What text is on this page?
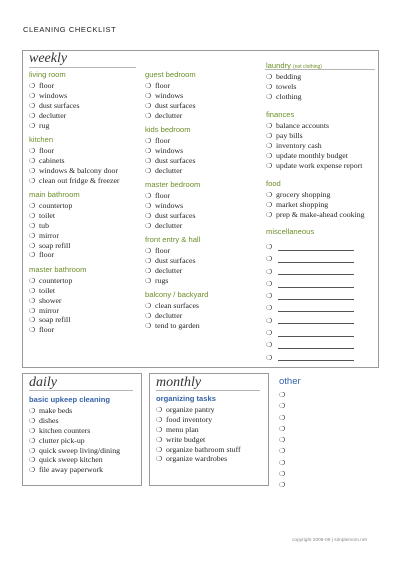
CLEANING CHECKLIST
weekly
living room
❍ floor
❍ windows
❍ dust surfaces
❍ declutter
❍ rug
kitchen
❍ floor
❍ cabinets
❍ windows & balcony door
❍ clean out fridge & freezer
main bathroom
❍ countertop
❍ toilet
❍ tub
❍ mirror
❍ soap refill
❍ floor
master bathroom
❍ countertop
❍ toilet
❍ shower
❍ mirror
❍ soap refill
❍ floor
guest bedroom
❍ floor
❍ windows
❍ dust surfaces
❍ declutter
kids bedroom
❍ floor
❍ windows
❍ dust surfaces
❍ declutter
master bedroom
❍ floor
❍ windows
❍ dust surfaces
❍ declutter
front entry & hall
❍ floor
❍ dust surfaces
❍ declutter
❍ rugs
balcony / backyard
❍ clean surfaces
❍ declutter
❍ tend to garden
laundry (not clothing)
❍ bedding
❍ towels
❍ clothing
finances
❍ balance accounts
❍ pay bills
❍ inventory cash
❍ update monthly budget
❍ update work expense report
food
❍ grocery shopping
❍ market shopping
❍ prep & make-ahead cooking
miscellaneous
❍
❍
❍
❍
❍
❍
❍
❍
❍
❍
daily
basic upkeep cleaning
❍ make beds
❍ dishes
❍ kitchen counters
❍ clutter pick-up
❍ quick sweep living/dining
❍ quick sweep kitchen
❍ file away paperwork
monthly
organizing tasks
❍ organize pantry
❍ food inventory
❍ menu plan
❍ write budget
❍ organize bathroom stuff
❍ organize wardrobes
other
❍
❍
❍
❍
❍
❍
❍
❍
❍
copyright 2008-09 | simplemom.net
